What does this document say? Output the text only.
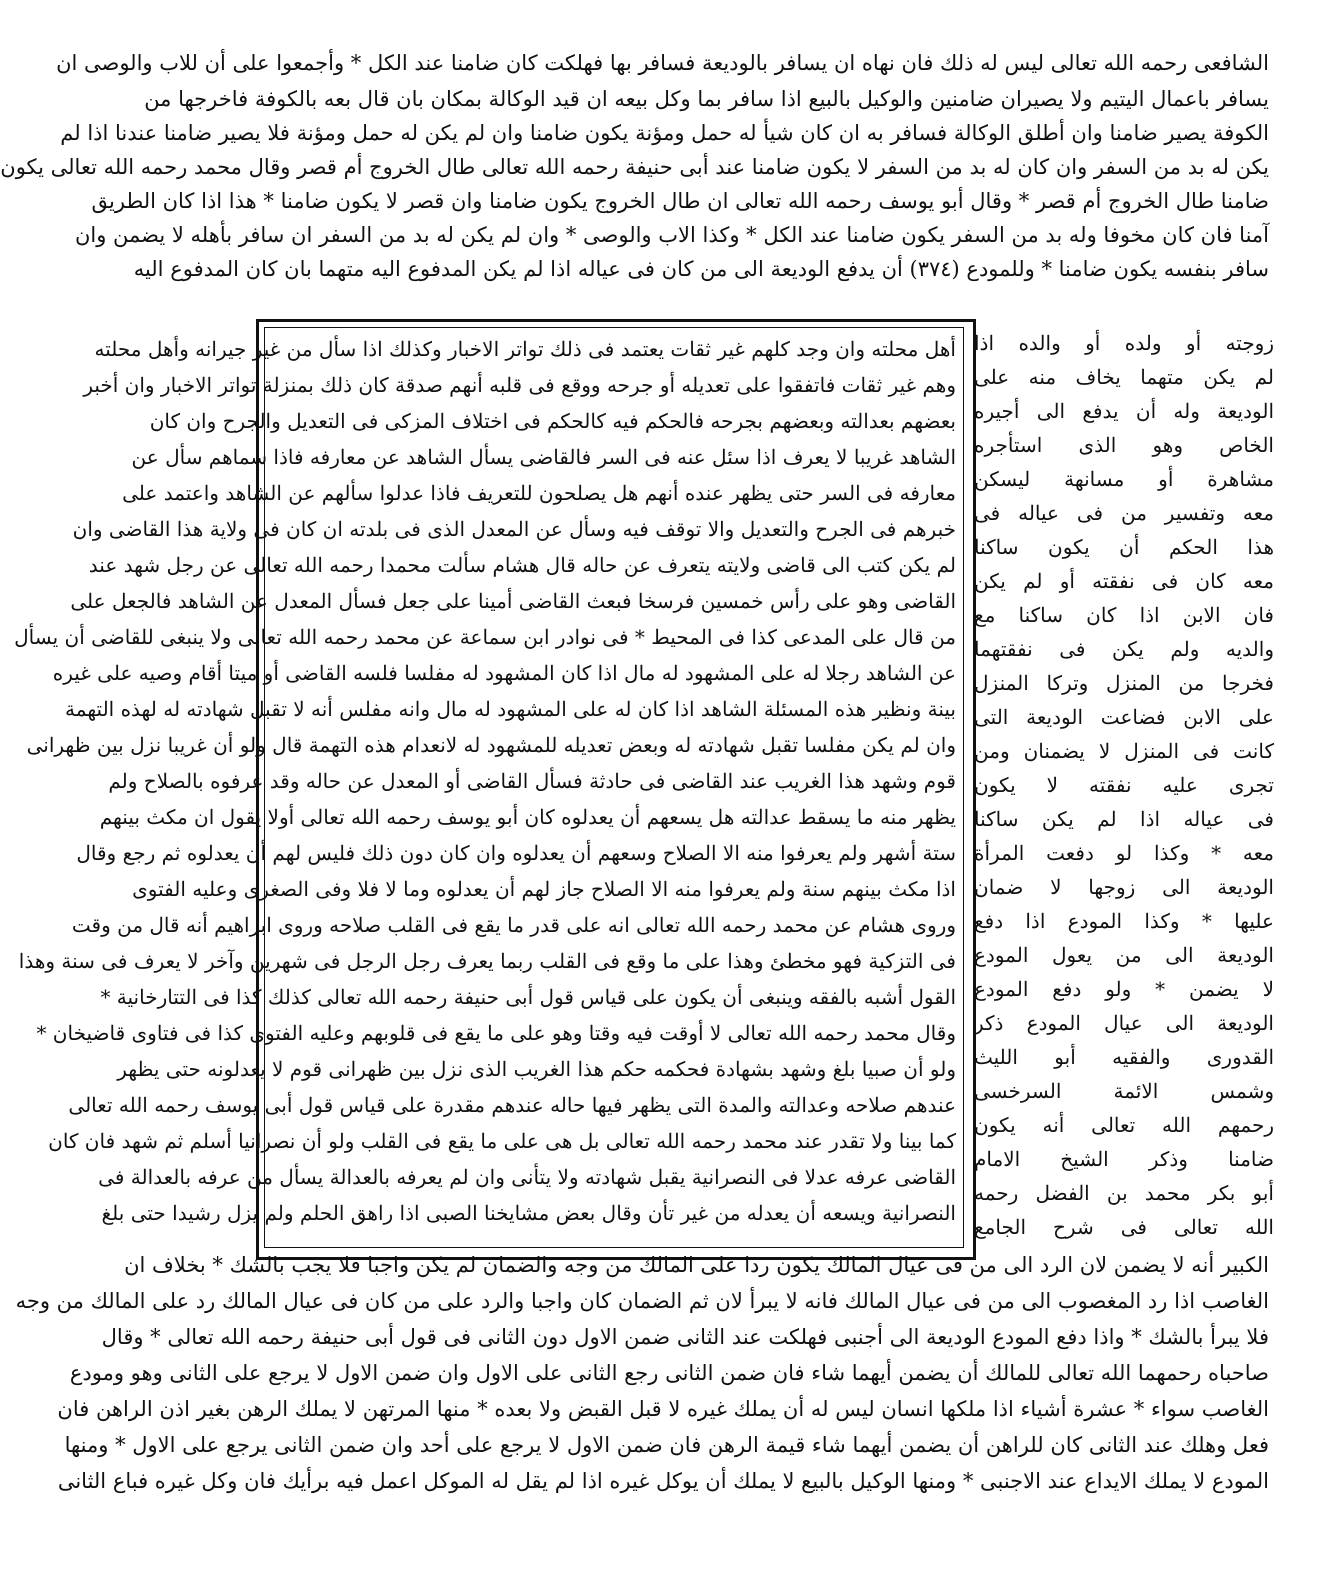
الشافعى رحمه الله تعالى ليس له ذلك فان نهاه ان يسافر بالوديعة فسافر بها فهلكت كان ضامنا عند الكل * وأجمعوا على أن للاب والوصى ان
يسافر باعمال اليتيم ولا يصيران ضامنين والوكيل بالبيع اذا سافر بما وكل بيعه ان قيد الوكالة بمكان بان قال بعه بالكوفة فاخرجها من
الكوفة يصير ضامنا وان أطلق الوكالة فسافر به ان كان شيأ له حمل ومؤنة يكون ضامنا وان لم يكن له حمل ومؤنة فلا يصير ضامنا عندنا اذا لم
يكن له بد من السفر وان كان له بد من السفر لا يكون ضامنا عند أبى حنيفة رحمه الله تعالى طال الخروج أم قصر وقال محمد رحمه الله تعالى يكون
ضامنا طال الخروج أم قصر * وقال أبو يوسف رحمه الله تعالى ان طال الخروج يكون ضامنا وان قصر لا يكون ضامنا * هذا اذا كان الطريق
آمنا فان كان مخوفا وله بد من السفر يكون ضامنا عند الكل * وكذا الاب والوصى * وان لم يكن له بد من السفر ان سافر بأهله لا يضمن وان
سافر بنفسه يكون ضامنا * وللمودع (٣٧٤) أن يدفع الوديعة الى من كان فى عياله اذا لم يكن المدفوع اليه متهما بان كان المدفوع اليه
أهل محلته وان وجد كلهم غير ثقات يعتمد فى ذلك تواتر الاخبار وكذلك اذا سأل من غير جيرانه وأهل محلته
وهم غير ثقات فاتفقوا على تعديله أو جرحه ووقع فى قلبه أنهم صدقة كان ذلك بمنزلة تواتر الاخبار وان أخبر
بعضهم بعدالته وبعضهم بجرحه فالحكم فيه كالحكم فى اختلاف المزكى فى التعديل والجرح وان كان
الشاهد غريبا لا يعرف اذا سئل عنه فى السر فالقاضى يسأل الشاهد عن معارفه فاذا سماهم سأل عن
معارفه فى السر حتى يظهر عنده أنهم هل يصلحون للتعريف فاذا عدلوا سألهم عن الشاهد واعتمد على
خبرهم فى الجرح والتعديل والا توقف فيه وسأل عن المعدل الذى فى بلدته ان كان فى ولاية هذا القاضى وان
لم يكن كتب الى قاضى ولايته يتعرف عن حاله قال هشام سألت محمدا رحمه الله تعالى عن رجل شهد عند
القاضى وهو على رأس خمسين فرسخا فبعث القاضى أمينا على جعل فسأل المعدل عن الشاهد فالجعل على
من قال على المدعى كذا فى المحيط * فى نوادر ابن سماعة عن محمد رحمه الله تعالى ولا ينبغى للقاضى أن يسأل
عن الشاهد رجلا له على المشهود له مال اذا كان المشهود له مفلسا فلسه القاضى أو ميتا أقام وصيه على غيره
بينة ونظير هذه المسئلة الشاهد اذا كان له على المشهود له مال وانه مفلس أنه لا تقبل شهادته له لهذه التهمة
وان لم يكن مفلسا تقبل شهادته له وبعض تعديله للمشهود له لانعدام هذه التهمة قال ولو أن غريبا نزل بين ظهرانى
قوم وشهد هذا الغريب عند القاضى فى حادثة فسأل القاضى أو المعدل عن حاله وقد عرفوه بالصلاح ولم
يظهر منه ما يسقط عدالته هل يسعهم أن يعدلوه كان أبو يوسف رحمه الله تعالى أولا يقول ان مكث بينهم
ستة أشهر ولم يعرفوا منه الا الصلاح وسعهم أن يعدلوه وان كان دون ذلك فليس لهم أن يعدلوه ثم رجع وقال
اذا مكث بينهم سنة ولم يعرفوا منه الا الصلاح جاز لهم أن يعدلوه وما لا فلا وفى الصغرى وعليه الفتوى
وروى هشام عن محمد رحمه الله تعالى انه على قدر ما يقع فى القلب صلاحه وروى ابراهيم أنه قال من وقت
فى التزكية فهو مخطئ وهذا على ما وقع فى القلب ربما يعرف رجل الرجل فى شهرين وآخر لا يعرف فى سنة وهذا
القول أشبه بالفقه وينبغى أن يكون على قياس قول أبى حنيفة رحمه الله تعالى كذلك كذا فى التتارخانية *
وقال محمد رحمه الله تعالى لا أوقت فيه وقتا وهو على ما يقع فى قلوبهم وعليه الفتوى كذا فى فتاوى قاضيخان *
ولو أن صبيا بلغ وشهد بشهادة فحكمه حكم هذا الغريب الذى نزل بين ظهرانى قوم لا يعدلونه حتى يظهر
عندهم صلاحه وعدالته والمدة التى يظهر فيها حاله عندهم مقدرة على قياس قول أبى يوسف رحمه الله تعالى
كما بينا ولا تقدر عند محمد رحمه الله تعالى بل هى على ما يقع فى القلب ولو أن نصرانيا أسلم ثم شهد فان كان
القاضى عرفه عدلا فى النصرانية يقبل شهادته ولا يتأنى وان لم يعرفه بالعدالة يسأل من عرفه بالعدالة فى
النصرانية ويسعه أن يعدله من غير تأن وقال بعض مشايخنا الصبى اذا راهق الحلم ولم يزل رشيدا حتى بلغ
زوجته أو ولده أو والده اذا
لم يكن متهما يخاف منه على
الوديعة وله أن يدفع الى أجيره
الخاص وهو الذى استأجره
مشاهرة أو مسانهة ليسكن
معه وتفسير من فى عياله فى
هذا الحكم أن يكون ساكنا
معه كان فى نفقته أو لم يكن
فان الابن اذا كان ساكنا مع
والديه ولم يكن فى نفقتهما
فخرجا من المنزل وتركا المنزل
على الابن فضاعت الوديعة التى
كانت فى المنزل لا يضمنان ومن
تجرى عليه نفقته لا يكون
فى عياله اذا لم يكن ساكنا
معه * وكذا لو دفعت المرأة
الوديعة الى زوجها لا ضمان
عليها * وكذا المودع اذا دفع
الوديعة الى من يعول المودع
لا يضمن * ولو دفع المودع
الوديعة الى عيال المودع ذكر
القدورى والفقيه أبو الليث
وشمس الائمة السرخسى
رحمهم الله تعالى أنه يكون
ضامنا وذكر الشيخ الامام
أبو بكر محمد بن الفضل رحمه
الله تعالى فى شرح الجامع
الكبير أنه لا يضمن لان الرد الى من فى عيال المالك يكون ردا على المالك من وجه والضمان لم يكن واجبا فلا يجب بالشك * بخلاف ان
الغاصب اذا رد المغصوب الى من فى عيال المالك فانه لا يبرأ لان ثم الضمان كان واجبا والرد على من كان فى عيال المالك رد على المالك من وجه
فلا يبرأ بالشك * واذا دفع المودع الوديعة الى أجنبى فهلكت عند الثانى ضمن الاول دون الثانى فى قول أبى حنيفة رحمه الله تعالى * وقال
صاحباه رحمهما الله تعالى للمالك أن يضمن أيهما شاء فان ضمن الثانى رجع الثانى على الاول وان ضمن الاول لا يرجع على الثانى وهو ومودع
الغاصب سواء * عشرة أشياء اذا ملكها انسان ليس له أن يملك غيره لا قبل القبض ولا بعده * منها المرتهن لا يملك الرهن بغير اذن الراهن فان
فعل وهلك عند الثانى كان للراهن أن يضمن أيهما شاء قيمة الرهن فان ضمن الاول لا يرجع على أحد وان ضمن الثانى يرجع على الاول * ومنها
المودع لا يملك الايداع عند الاجنبى * ومنها الوكيل بالبيع لا يملك أن يوكل غيره اذا لم يقل له الموكل اعمل فيه برأيك فان وكل غيره فباع الثانى
